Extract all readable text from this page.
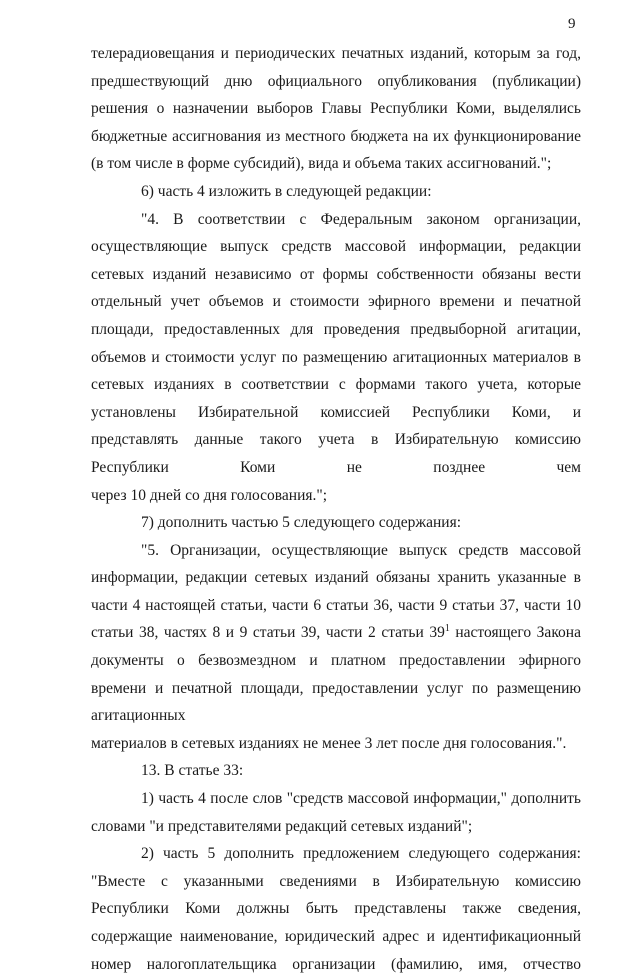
9

телерадиовещания и периодических печатных изданий, которым за год, предшествующий дню официального опубликования (публикации) решения о назначении выборов Главы Республики Коми, выделялись бюджетные ассигнования из местного бюджета на их функционирование

(в том числе в форме субсидий), вида и объема таких ассигнований.";

6) часть 4 изложить в следующей редакции:

"4. В соответствии с Федеральным законом организации,

осуществляющие выпуск средств массовой информации, редакции сетевых изданий независимо от формы собственности обязаны вести отдельный учет объемов и стоимости эфирного времени и печатной площади, предоставленных для проведения предвыборной агитации, объемов и стоимости услуг по размещению агитационных материалов в сетевых изданиях в соответствии с формами такого учета, которые установлены Избирательной комиссией Республики Коми, и представлять данные такого учета в Избирательную комиссию Республики Коми не позднее чем

через 10 дней со дня голосования.";

7) дополнить частью 5 следующего содержания:

"5. Организации, осуществляющие выпуск средств массовой

информации, редакции сетевых изданий обязаны хранить указанные в части 4 настоящей статьи, части 6 статьи 36, части 9 статьи 37, части 10 статьи 38, частях 8 и 9 статьи 39, части 2 статьи $39^1$ настоящего Закона документы о безвозмездном и платном предоставлении эфирного времени и печатной площади, предоставлении услуг по размещению агитационных

материалов в сетевых изданиях не менее 3 лет после дня голосования.".

13. В статье 33:

1) часть 4 после слов "средств массовой информации," дополнить

словами "и представителями редакций сетевых изданий";

2) часть 5 дополнить предложением следующего содержания:

"Вместе с указанными сведениями в Избирательную комиссию Республики Коми должны быть представлены также сведения, содержащие наименование, юридический адрес и идентификационный номер налогоплательщика организации (фамилию, имя, отчество
